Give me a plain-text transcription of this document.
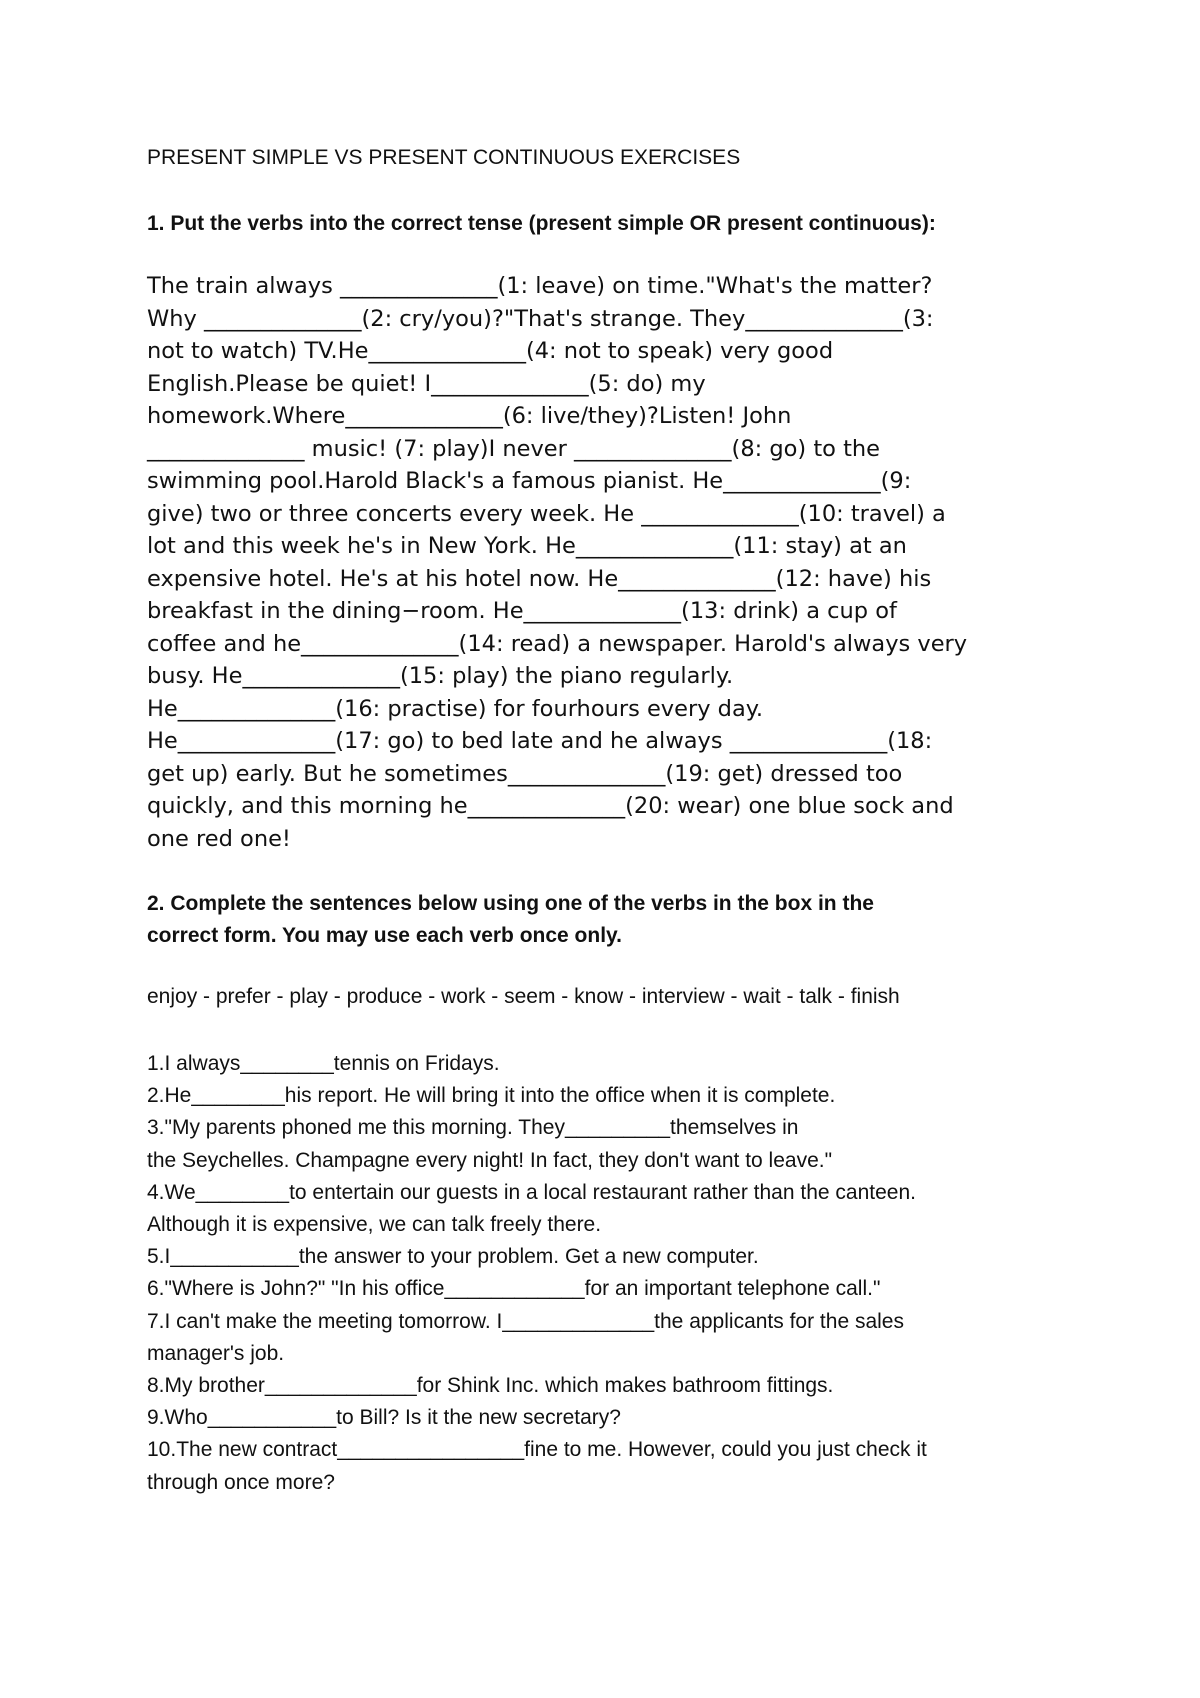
PRESENT SIMPLE VS PRESENT CONTINUOUS EXERCISES

1. Put the verbs into the correct tense (present simple OR present continuous):

The train always ______________(1: leave) on time."What's the matter?
Why ______________(2: cry/you)?"That's strange. They______________(3:
not to watch) TV.He______________(4: not to speak) very good
English.Please be quiet! I______________(5: do) my
homework.Where______________(6: live/they)?Listen! John
______________ music! (7: play)I never ______________(8: go) to the
swimming pool.Harold Black's a famous pianist. He______________(9:
give) two or three concerts every week. He ______________(10: travel) a
lot and this week he's in New York. He______________(11: stay) at an
expensive hotel. He's at his hotel now. He______________(12: have) his
breakfast in the dining−room. He______________(13: drink) a cup of
coffee and he______________(14: read) a newspaper. Harold's always very
busy. He______________(15: play) the piano regularly.
He______________(16: practise) for fourhours every day.
He______________(17: go) to bed late and he always ______________(18:
get up) early. But he sometimes______________(19: get) dressed too
quickly, and this morning he______________(20: wear) one blue sock and
one red one!
2. Complete the sentences below using one of the verbs in the box in the
correct form. You may use each verb once only.

enjoy - prefer - play - produce - work - seem - know - interview - wait - talk - finish

1.I always________tennis on Fridays.
2.He________his report. He will bring it into the office when it is complete.
3."My parents phoned me this morning. They_________themselves in
the Seychelles. Champagne every night! In fact, they don't want to leave."
4.We________to entertain our guests in a local restaurant rather than the canteen.
Although it is expensive, we can talk freely there.
5.I___________the answer to your problem. Get a new computer.
6."Where is John?" "In his office____________for an important telephone call."
7.I can't make the meeting tomorrow. I_____________the applicants for the sales
manager's job.
8.My brother_____________for Shink Inc. which makes bathroom fittings.
9.Who___________to Bill? Is it the new secretary?
10.The new contract________________fine to me. However, could you just check it
through once more?
